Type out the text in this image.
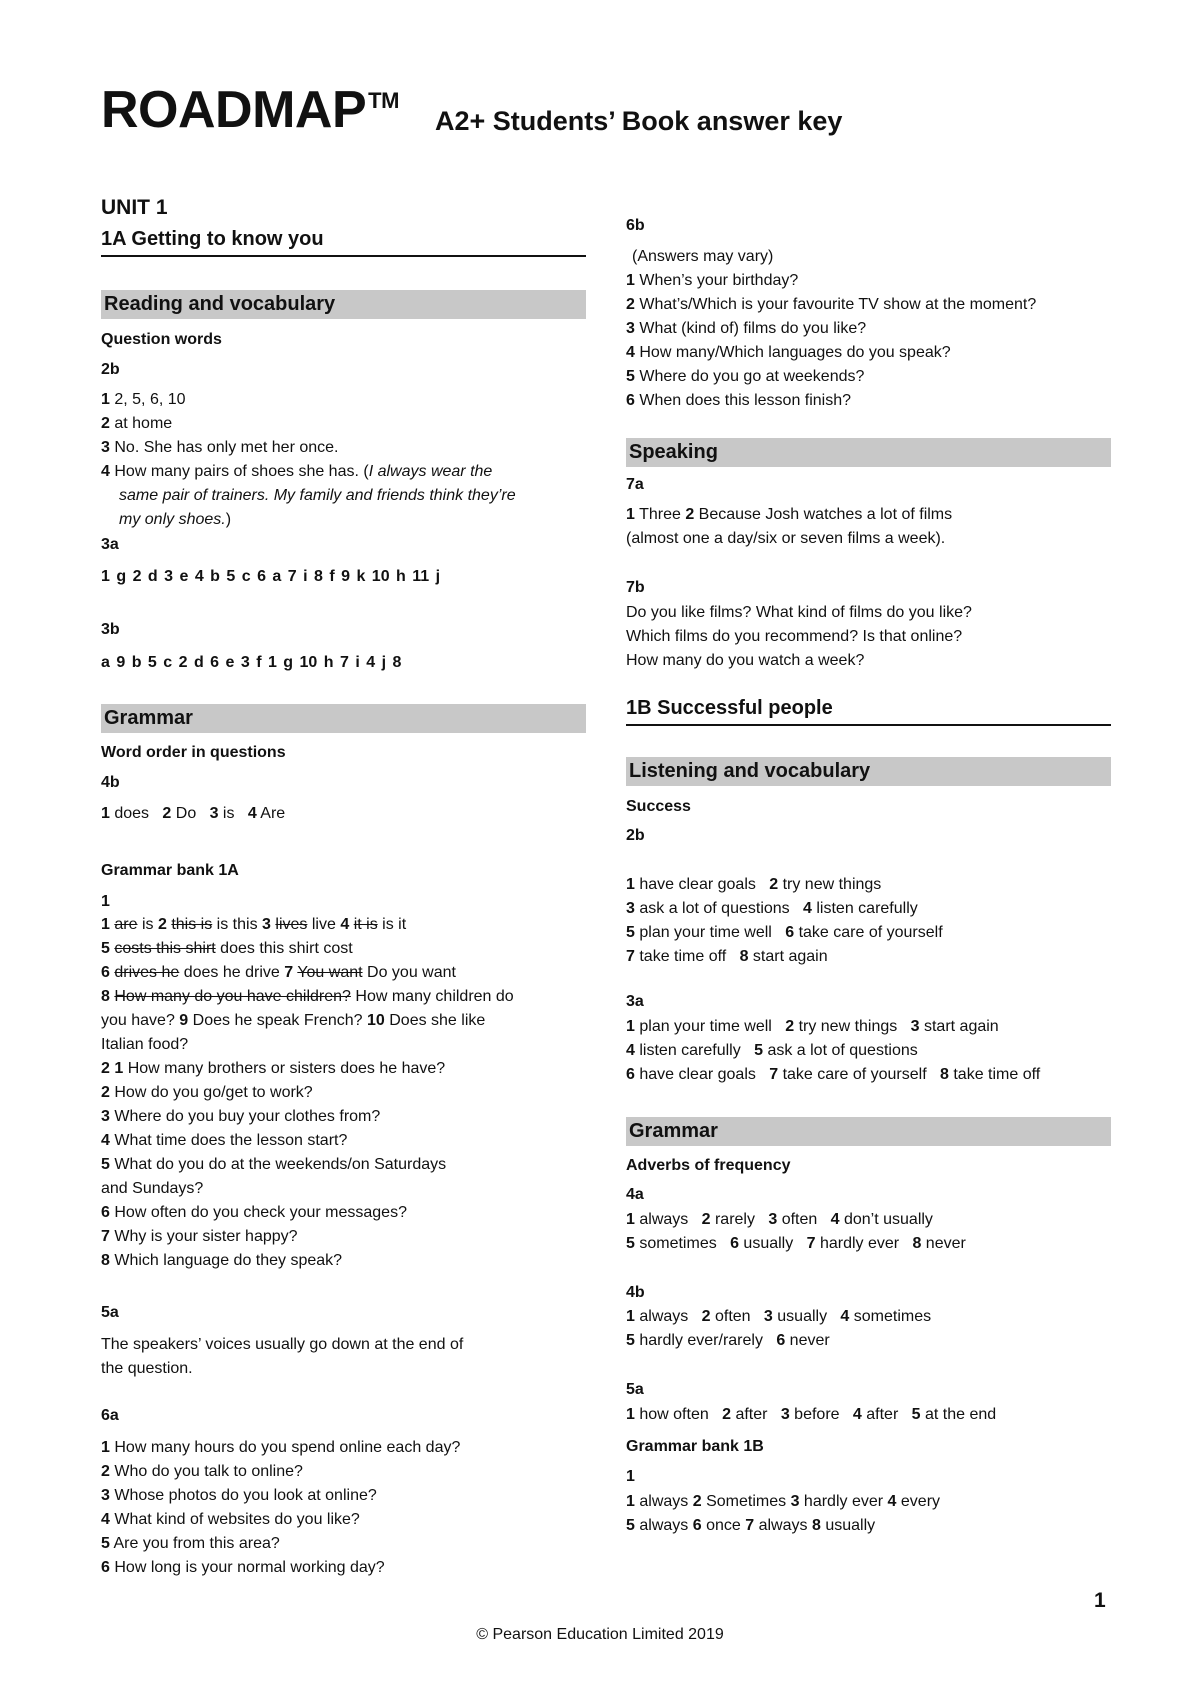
ROADMAP™
A2+ Students’ Book answer key
UNIT 1
1A Getting to know you
Reading and vocabulary
Question words
2b
1 2, 5, 6, 10
2 at home
3 No. She has only met her once.
4 How many pairs of shoes she has. (I always wear the
same pair of trainers. My family and friends think they’re
my only shoes.)
3a
1 g 2 d 3 e 4 b 5 c 6 a 7 i 8 f 9 k 10 h 11 j
3b
a 9 b 5 c 2 d 6 e 3 f 1 g 10 h 7 i 4 j 8
Grammar
Word order in questions
4b
1 does 2 Do 3 is 4 Are
Grammar bank 1A
1
1 are is 2 this is is this 3 lives live 4 it is is it
5 costs this shirt does this shirt cost
6 drives he does he drive 7 You want Do you want
8 How many do you have children? How many children do
you have? 9 Does he speak French? 10 Does she like
Italian food?
2 1 How many brothers or sisters does he have?
2 How do you go/get to work?
3 Where do you buy your clothes from?
4 What time does the lesson start?
5 What do you do at the weekends/on Saturdays
and Sundays?
6 How often do you check your messages?
7 Why is your sister happy?
8 Which language do they speak?
5a
The speakers’ voices usually go down at the end of
the question.
6a
1 How many hours do you spend online each day?
2 Who do you talk to online?
3 Whose photos do you look at online?
4 What kind of websites do you like?
5 Are you from this area?
6 How long is your normal working day?
6b
(Answers may vary)
1 When’s your birthday?
2 What’s/Which is your favourite TV show at the moment?
3 What (kind of) films do you like?
4 How many/Which languages do you speak?
5 Where do you go at weekends?
6 When does this lesson finish?
Speaking
7a
1 Three 2 Because Josh watches a lot of films
(almost one a day/six or seven films a week).
7b
Do you like films? What kind of films do you like?
Which films do you recommend? Is that online?
How many do you watch a week?
1B Successful people
Listening and vocabulary
Success
2b
1 have clear goals 2 try new things
3 ask a lot of questions 4 listen carefully
5 plan your time well 6 take care of yourself
7 take time off 8 start again
3a
1 plan your time well 2 try new things 3 start again
4 listen carefully 5 ask a lot of questions
6 have clear goals 7 take care of yourself 8 take time off
Grammar
Adverbs of frequency
4a
1 always 2 rarely 3 often 4 don’t usually
5 sometimes 6 usually 7 hardly ever 8 never
4b
1 always 2 often 3 usually 4 sometimes
5 hardly ever/rarely 6 never
5a
1 how often 2 after 3 before 4 after 5 at the end
Grammar bank 1B
1
1 always 2 Sometimes 3 hardly ever 4 every
5 always 6 once 7 always 8 usually
1
© Pearson Education Limited 2019
